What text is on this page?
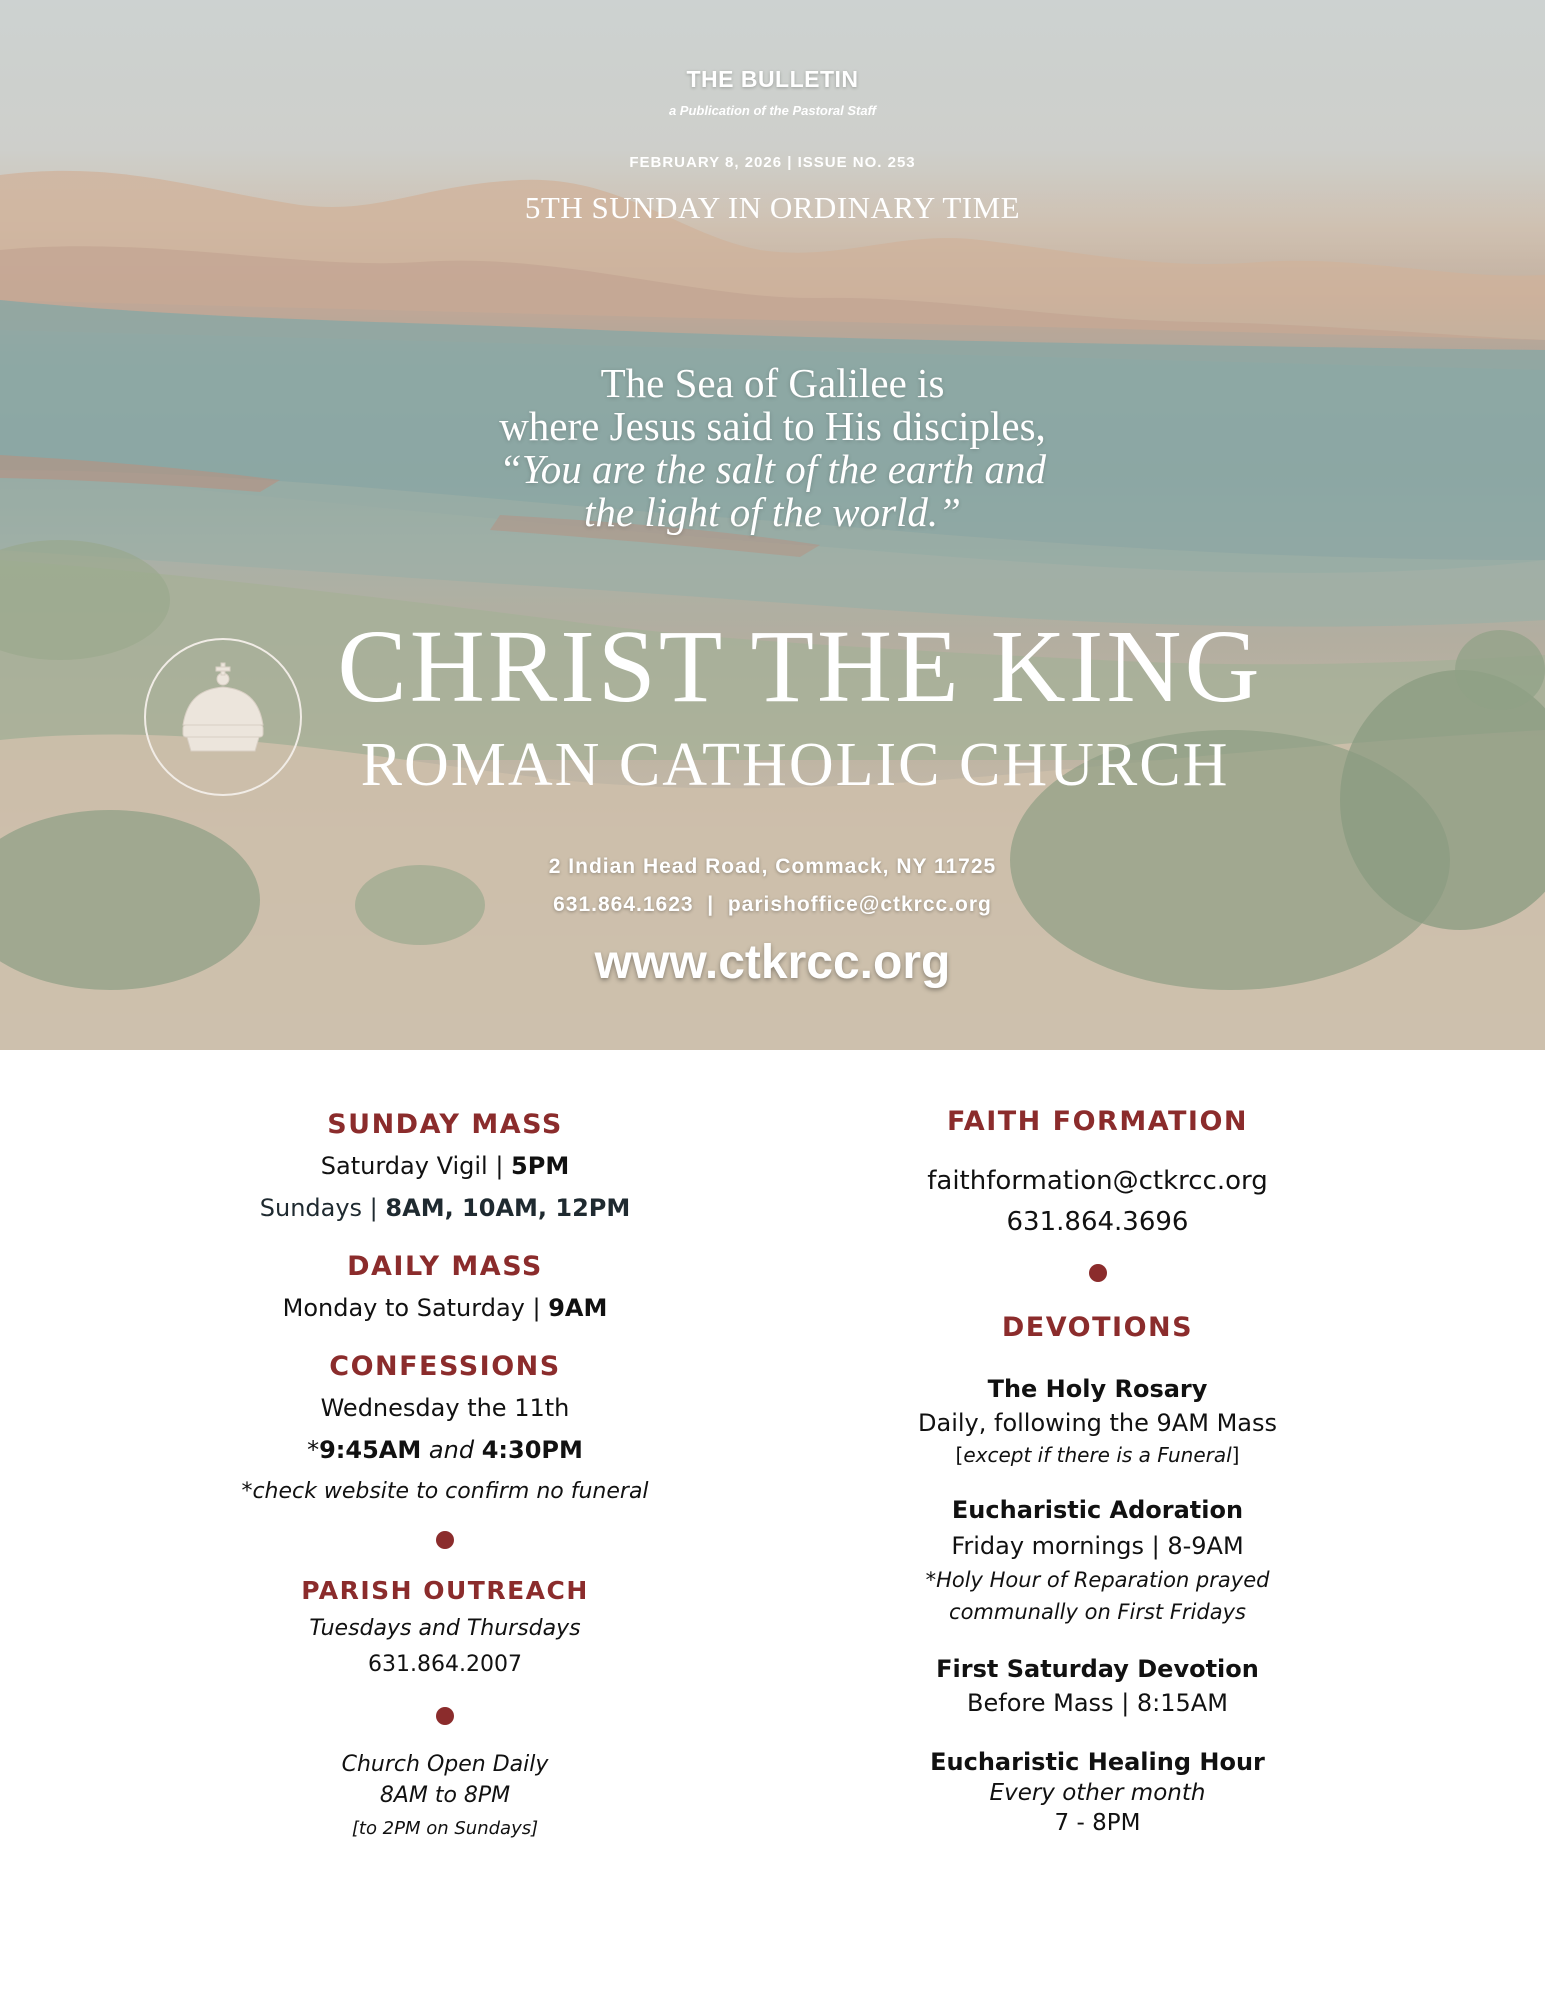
THE BULLETIN
a Publication of the Pastoral Staff
FEBRUARY 8, 2026 | ISSUE NO. 253
5TH SUNDAY IN ORDINARY TIME
The Sea of Galilee is
where Jesus said to His disciples,
“You are the salt of the earth and
the light of the world.”
CHRIST THE KING
ROMAN CATHOLIC CHURCH
2 Indian Head Road, Commack, NY 11725
631.864.1623  |  parishoffice@ctkrcc.org
www.ctkrcc.org
SUNDAY MASS
Saturday Vigil | 5PM
Sundays | 8AM, 10AM, 12PM
DAILY MASS
Monday to Saturday | 9AM
CONFESSIONS
Wednesday the 11th
*9:45AM and 4:30PM
*check website to confirm no funeral
PARISH OUTREACH
Tuesdays and Thursdays
631.864.2007
Church Open Daily
8AM to 8PM
[to 2PM on Sundays]
FAITH FORMATION
faithformation@ctkrcc.org
631.864.3696
DEVOTIONS
The Holy Rosary
Daily, following the 9AM Mass
[except if there is a Funeral]
Eucharistic Adoration
Friday mornings | 8-9AM
*Holy Hour of Reparation prayed
communally on First Fridays
First Saturday Devotion
Before Mass | 8:15AM
Eucharistic Healing Hour
Every other month
7 - 8PM
